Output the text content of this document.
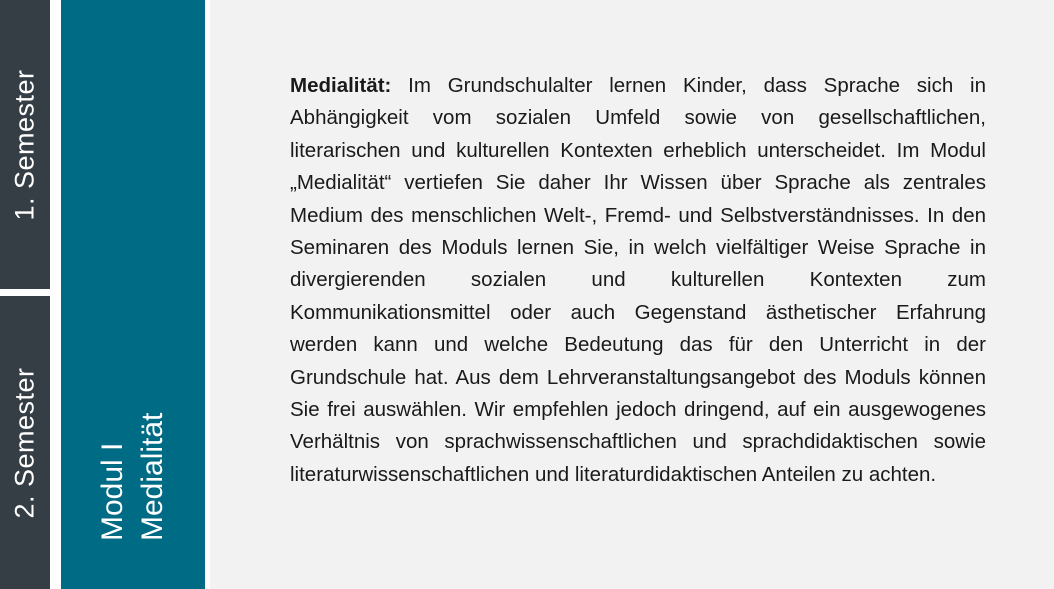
1. Semester
2. Semester Modul I Medialität

Medialität: Im Grundschulalter lernen Kinder, dass Sprache sich in Abhängigkeit vom sozialen Umfeld sowie von gesellschaftlichen, literarischen und kulturellen Kontexten erheblich unterscheidet. Im Modul „Medialität“ vertiefen Sie daher Ihr Wissen über Sprache als zentrales Medium des menschlichen Welt-, Fremd- und Selbstverständnisses. In den Seminaren des Moduls lernen Sie, in welch vielfältiger Weise Sprache in divergierenden sozialen und kulturellen Kontexten zum Kommunikationsmittel oder auch Gegenstand ästhetischer Erfahrung werden kann und welche Bedeutung das für den Unterricht in der Grundschule hat. Aus dem Lehrveranstaltungsangebot des Moduls können Sie frei auswählen. Wir empfehlen jedoch dringend, auf ein ausgewogenes Verhältnis von sprachwissenschaftlichen und sprachdidaktischen sowie literaturwissenschaftlichen und literaturdidaktischen Anteilen zu achten.
